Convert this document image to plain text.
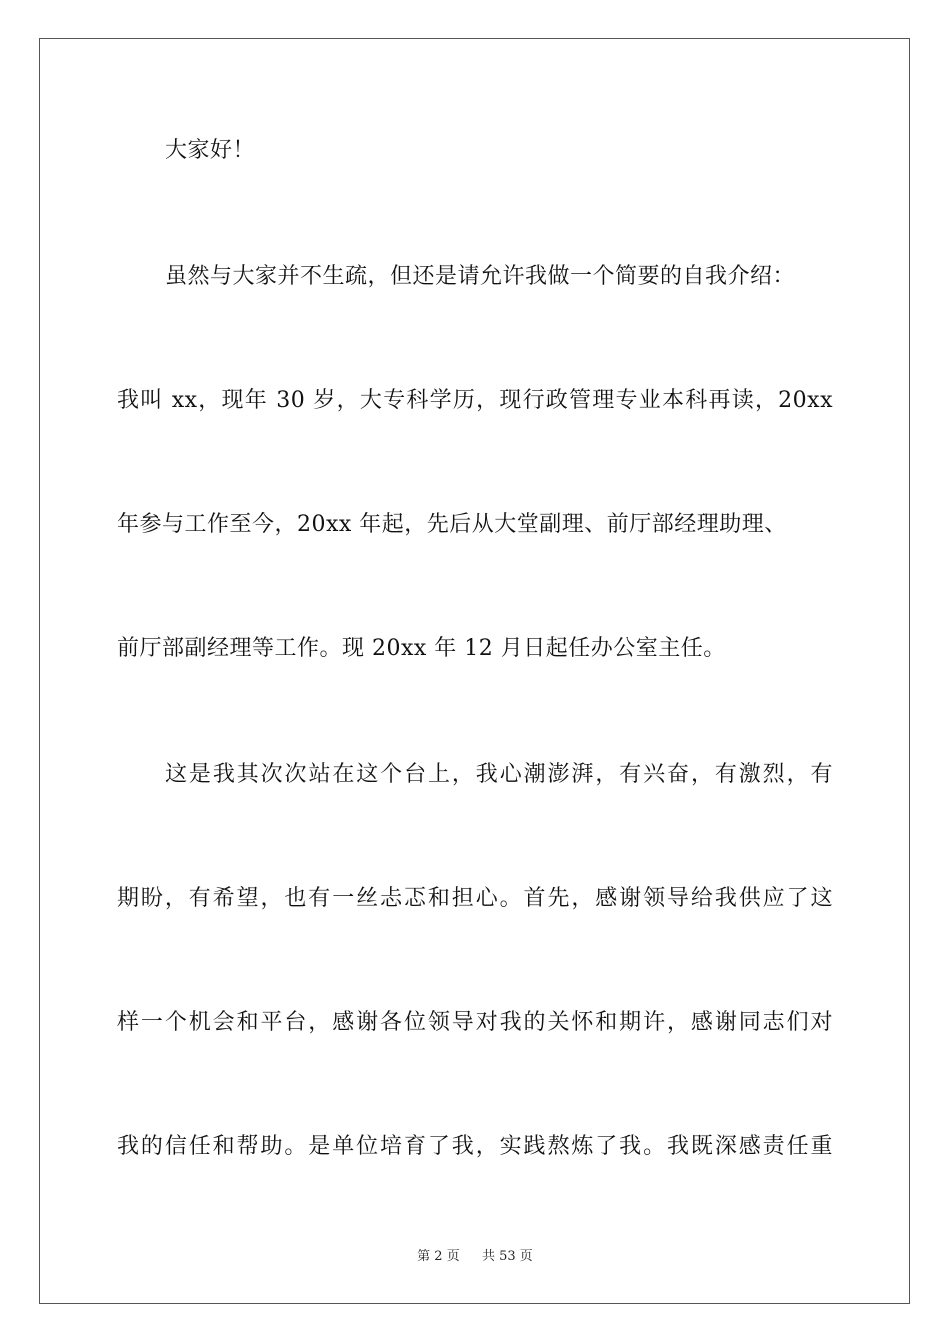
大家好！
虽然与大家并不生疏，但还是请允许我做一个简要的自我介绍：
我叫 xx，现年 30 岁，大专科学历，现行政管理专业本科再读，20xx
年参与工作至今，20xx 年起，先后从大堂副理、前厅部经理助理、
前厅部副经理等工作。现 20xx 年 12 月日起任办公室主任。
这是我其次次站在这个台上，我心潮澎湃，有兴奋，有激烈，有
期盼，有希望，也有一丝忐忑和担心。首先，感谢领导给我供应了这
样一个机会和平台，感谢各位领导对我的关怀和期许，感谢同志们对
我的信任和帮助。是单位培育了我，实践熬炼了我。我既深感责任重
第 2 页 共 53 页
